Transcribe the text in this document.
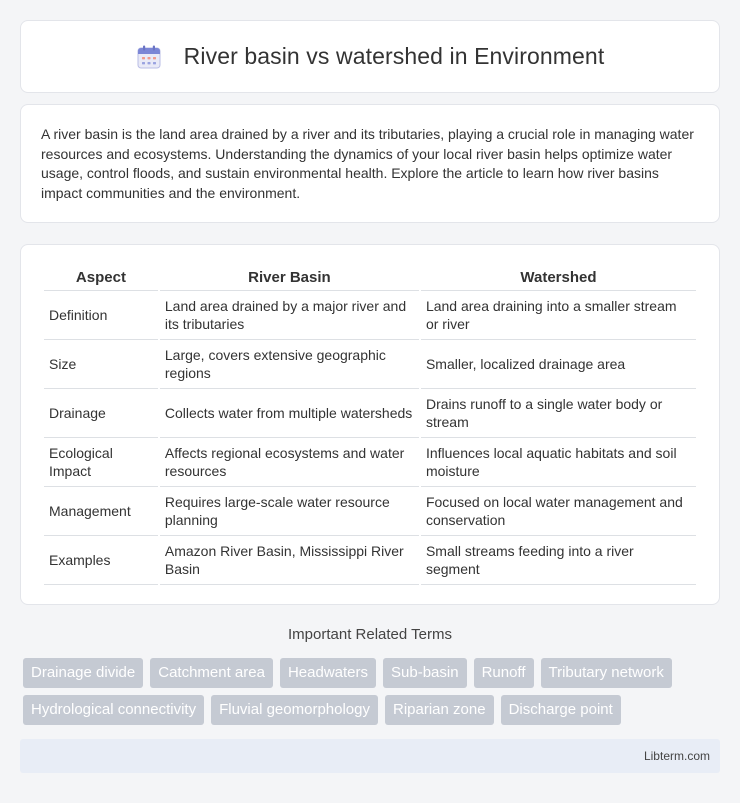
River basin vs watershed in Environment

A river basin is the land area drained by a river and its tributaries, playing a crucial role in managing water resources and ecosystems. Understanding the dynamics of your local river basin helps optimize water usage, control floods, and sustain environmental health. Explore the article to learn how river basins impact communities and the environment.

Aspect	River Basin	Watershed
Definition	Land area drained by a major river and its tributaries	Land area draining into a smaller stream or river
Size	Large, covers extensive geographic regions	Smaller, localized drainage area
Drainage	Collects water from multiple watersheds	Drains runoff to a single water body or stream
Ecological Impact	Affects regional ecosystems and water resources	Influences local aquatic habitats and soil moisture
Management	Requires large-scale water resource planning	Focused on local water management and conservation
Examples	Amazon River Basin, Mississippi River Basin	Small streams feeding into a river segment
Important Related Terms
Drainage divide	Catchment area	Headwaters	Sub-basin	Runoff	Tributary network
Hydrological connectivity	Fluvial geomorphology	Riparian zone	Discharge point
Libterm.com
